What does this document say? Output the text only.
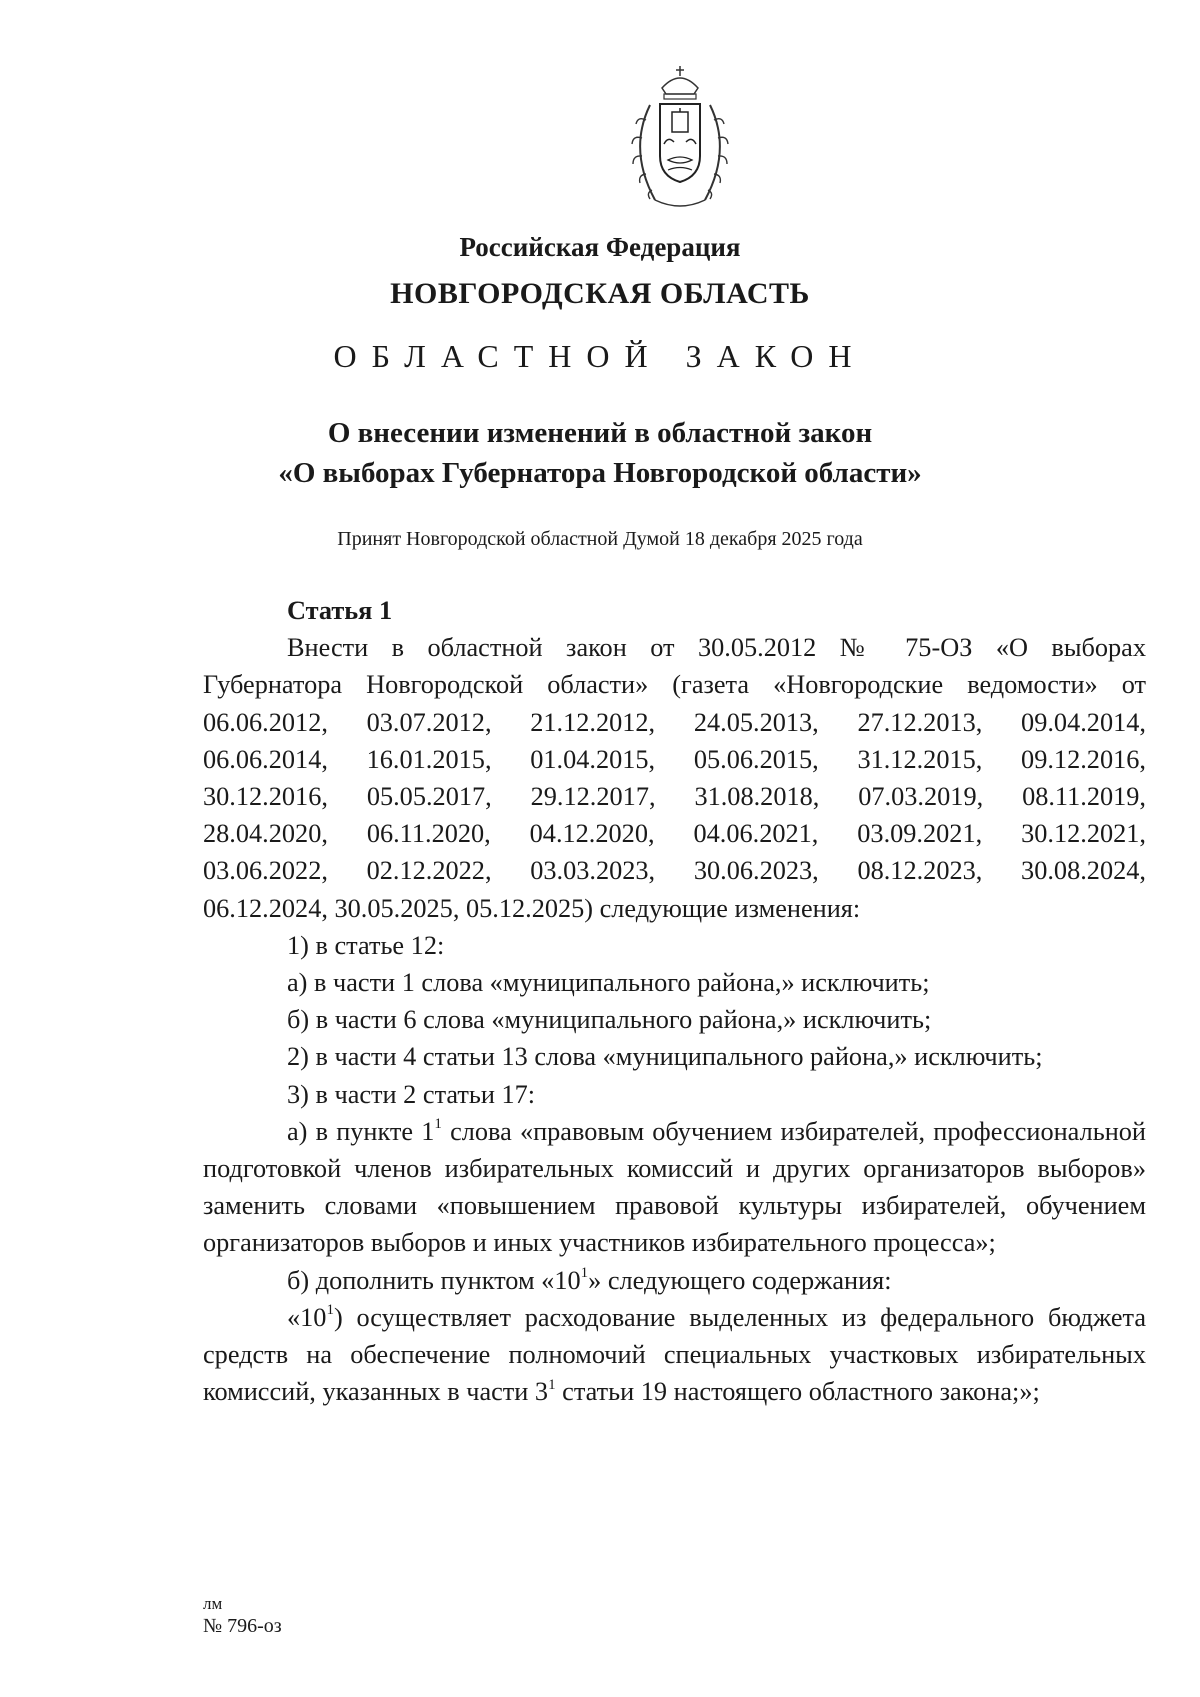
Российская Федерация
НОВГОРОДСКАЯ ОБЛАСТЬ
ОБЛАСТНОЙ ЗАКОН
О внесении изменений в областной закон
«О выборах Губернатора Новгородской области»
Принят Новгородской областной Думой 18 декабря 2025 года

Статья 1

Внести в областной закон от 30.05.2012 № 75-ОЗ «О выборах

Губернатора Новгородской области» (газета «Новгородские ведомости» от

06.06.2012, 03.07.2012, 21.12.2012, 24.05.2013, 27.12.2013, 09.04.2014,
06.06.2014, 16.01.2015, 01.04.2015, 05.06.2015, 31.12.2015, 09.12.2016,
30.12.2016, 05.05.2017, 29.12.2017, 31.08.2018, 07.03.2019, 08.11.2019,
28.04.2020, 06.11.2020, 04.12.2020, 04.06.2021, 03.09.2021, 30.12.2021,
03.06.2022, 02.12.2022, 03.03.2023, 30.06.2023, 08.12.2023, 30.08.2024,

06.12.2024, 30.05.2025, 05.12.2025) следующие изменения:

1) в статье 12:

а) в части 1 слова «муниципального района,» исключить;

б) в части 6 слова «муниципального района,» исключить;

2) в части 4 статьи 13 слова «муниципального района,» исключить;

3) в части 2 статьи 17:

а) в пункте $1^1$ слова «правовым обучением избирателей, профессиональной подготовкой членов избирательных комиссий и других организаторов выборов» заменить словами «повышением правовой культуры избирателей, обучением организаторов выборов и иных участников избирательного процесса»;

б) дополнить пунктом «$10^1$» следующего содержания:

«$10^1$) осуществляет расходование выделенных из федерального бюджета средств на обеспечение полномочий специальных участковых избирательных комиссий, указанных в части $3^1$ статьи 19 настоящего областного закона;»;

лм
№ 796-оз
